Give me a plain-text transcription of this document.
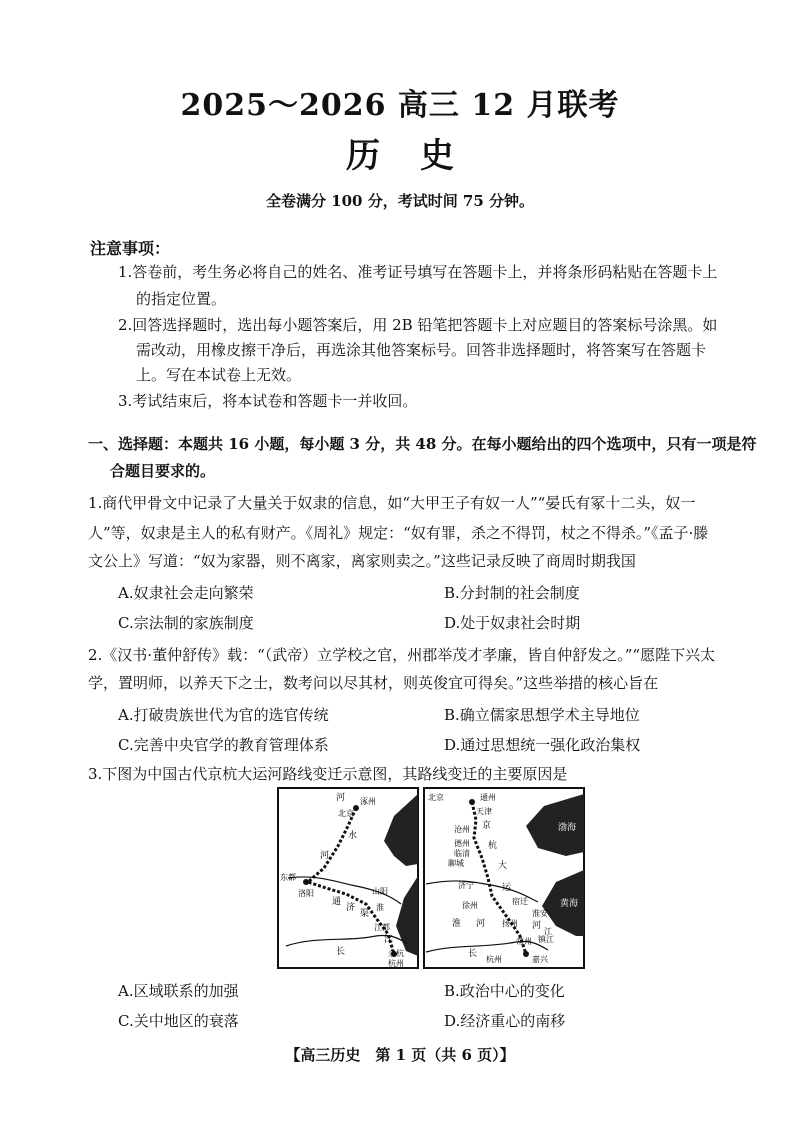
2025～2026 高三 12 月联考
历史
全卷满分 100 分，考试时间 75 分钟。
注意事项：
1.答卷前，考生务必将自己的姓名、准考证号填写在答题卡上，并将条形码粘贴在答题卡上
的指定位置。
2.回答选择题时，选出每小题答案后，用 2B 铅笔把答题卡上对应题目的答案标号涂黑。如
需改动，用橡皮擦干净后，再选涂其他答案标号。回答非选择题时，将答案写在答题卡
上。写在本试卷上无效。
3.考试结束后，将本试卷和答题卡一并收回。
一、选择题：本题共 16 小题，每小题 3 分，共 48 分。在每小题给出的四个选项中，只有一项是符
合题目要求的。
1.商代甲骨文中记录了大量关于奴隶的信息，如“大甲王子有奴一人”“晏氏有冢十二头，奴一
人”等，奴隶是主人的私有财产。《周礼》规定：“奴有罪，杀之不得罚，杖之不得杀。”《孟子·滕
文公上》写道：“奴为家器，则不离家，离家则卖之。”这些记录反映了商周时期我国
A.奴隶社会走向繁荣	B.分封制的社会制度
C.宗法制的家族制度	D.处于奴隶社会时期
2.《汉书·董仲舒传》载：“（武帝）立学校之官，州郡举茂才孝廉，皆自仲舒发之。”“愿陛下兴太
学，置明师，以养天下之士，数考问以尽其材，则英俊宜可得矣。”这些举措的核心旨在
A.打破贵族世代为官的选官传统	B.确立儒家思想学术主导地位
C.完善中央官学的教育管理体系	D.通过思想统一强化政治集权
3.下图为中国古代京杭大运河路线变迁示意图，其路线变迁的主要原因是
河 涿州
北京
水
河
东都
洛阳
通
济
渠
山阳
江都
江
长
淮
余杭
杭州
渤海
黄海
北京	通州
天津
京
沧州
德州
临清
聊城
杭
大
济宁
徐州
运
宿迁
淮安
河
江
扬州
镇江
淮 河
杭州
长
常州
嘉兴
A.区域联系的加强	B.政治中心的变化
C.关中地区的衰落	D.经济重心的南移
【高三历史　第 1 页（共 6 页）】
